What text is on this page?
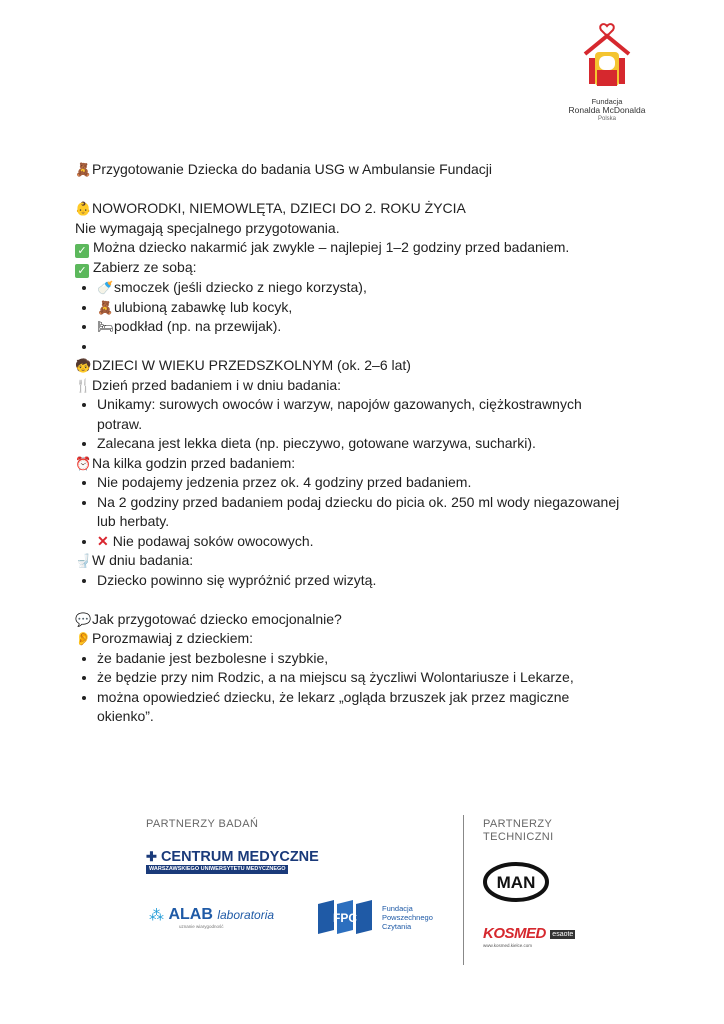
Fundacja
Ronalda McDonalda
Polska
🧸Przygotowanie Dziecka do badania USG w Ambulansie Fundacji
👶NOWORODKI, NIEMOWLĘTA, DZIECI DO 2. ROKU ŻYCIA
Nie wymagają specjalnego przygotowania.
✓ Można dziecko nakarmić jak zwykle – najlepiej 1–2 godziny przed badaniem.
✓ Zabierz ze sobą:
• 🍼smoczek (jeśli dziecko z niego korzysta),
• 🧸ulubioną zabawkę lub kocyk,
• 🛏podkład (np. na przewijak).
•
🧒DZIECI W WIEKU PRZEDSZKOLNYM (ok. 2–6 lat)
🍴Dzień przed badaniem i w dniu badania:
• Unikamy: surowych owoców i warzyw, napojów gazowanych, ciężkostrawnych potraw.
• Zalecana jest lekka dieta (np. pieczywo, gotowane warzywa, sucharki).
⏰Na kilka godzin przed badaniem:
• Nie podajemy jedzenia przez ok. 4 godziny przed badaniem.
• Na 2 godziny przed badaniem podaj dziecku do picia ok. 250 ml wody niegazowanej lub herbaty.
• ✕ Nie podawaj soków owocowych.
🚽W dniu badania:
• Dziecko powinno się wypróżnić przed wizytą.
💬Jak przygotować dziecko emocjonalnie?
👂Porozmawiaj z dzieckiem:
• że badanie jest bezbolesne i szybkie,
• że będzie przy nim Rodzic, a na miejscu są życzliwi Wolontariusze i Lekarze,
• można opowiedzieć dziecku, że lekarz „ogląda brzuszek jak przez magiczne okienko”.
PARTNERZY BADAŃ	PARTNERZY
TECHNICZNI
✚ CENTRUM MEDYCZNE
WARSZAWSKIEGO UNIWERSYTETU MEDYCZNEGO
⁂ ALAB laboratoria
uznanie wiarygodność
FPC
Fundacja
Powszechnego
Czytania
MAN
KOSMED esaote
www.kosmed.kielce.com
